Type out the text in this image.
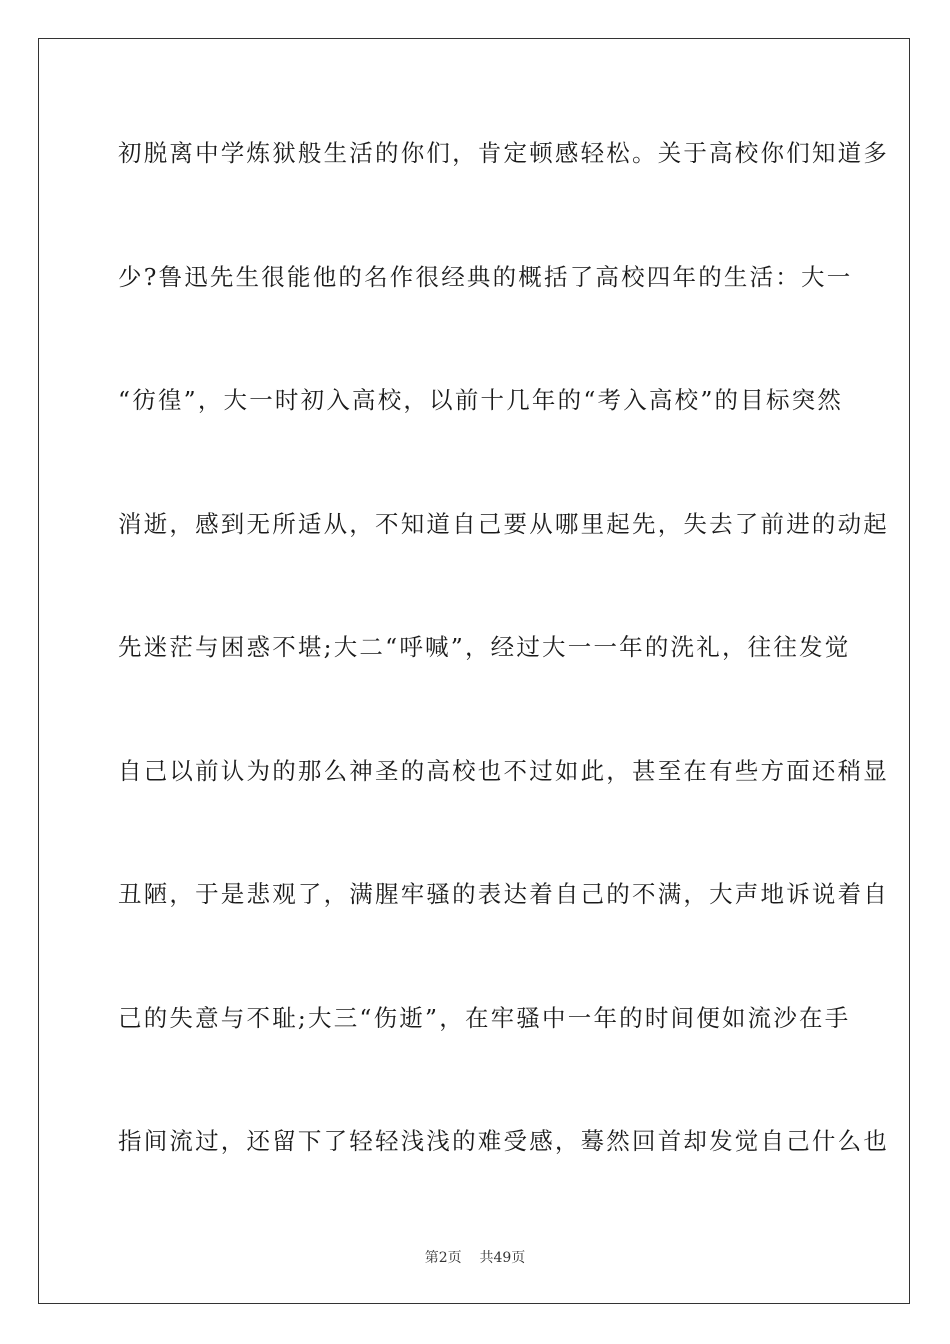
初脱离中学炼狱般生活的你们，肯定顿感轻松。关于高校你们知道多
少?鲁迅先生很能他的名作很经典的概括了高校四年的生活：大一
“彷徨”，大一时初入高校，以前十几年的“考入高校”的目标突然
消逝，感到无所适从，不知道自己要从哪里起先，失去了前进的动起
先迷茫与困惑不堪;大二“呼喊”，经过大一一年的洗礼，往往发觉
自己以前认为的那么神圣的高校也不过如此，甚至在有些方面还稍显
丑陋，于是悲观了，满腥牢骚的表达着自己的不满，大声地诉说着自
己的失意与不耻;大三“伤逝”，在牢骚中一年的时间便如流沙在手
指间流过，还留下了轻轻浅浅的难受感，蓦然回首却发觉自己什么也
第2页    共49页
